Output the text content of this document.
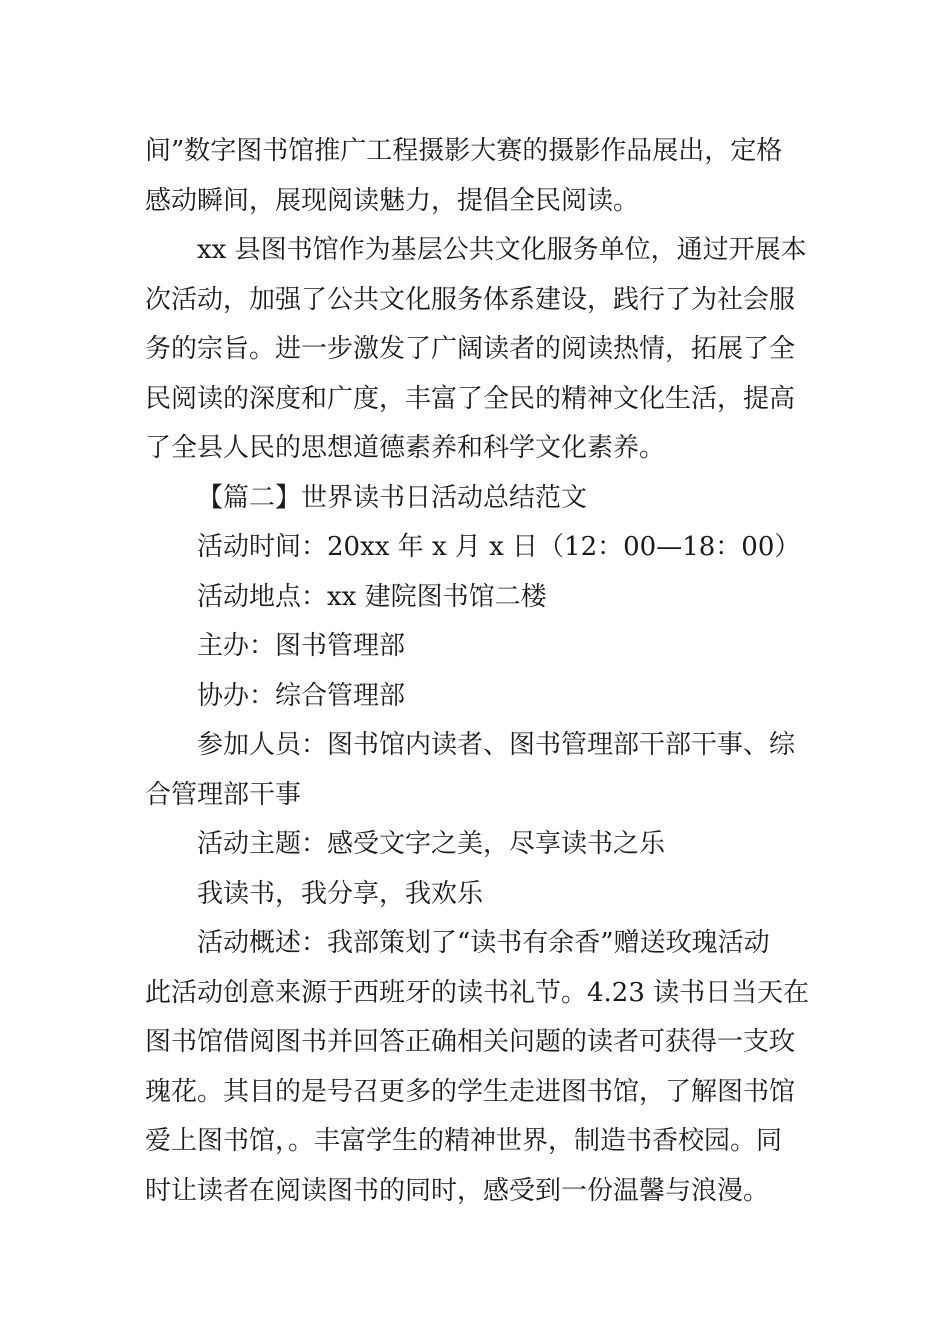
间”数字图书馆推广工程摄影大赛的摄影作品展出，定格
感动瞬间，展现阅读魅力，提倡全民阅读。
xx 县图书馆作为基层公共文化服务单位，通过开展本
次活动，加强了公共文化服务体系建设，践行了为社会服
务的宗旨。进一步激发了广阔读者的阅读热情，拓展了全
民阅读的深度和广度，丰富了全民的精神文化生活，提高
了全县人民的思想道德素养和科学文化素养。
【篇二】世界读书日活动总结范文
活动时间：20xx 年 x 月 x 日（12：00—18：00）
活动地点：xx 建院图书馆二楼
主办：图书管理部
协办：综合管理部
参加人员：图书馆内读者、图书管理部干部干事、综
合管理部干事
活动主题：感受文字之美，尽享读书之乐
我读书，我分享，我欢乐
活动概述：我部策划了“读书有余香”赠送玫瑰活动
此活动创意来源于西班牙的读书礼节。4.23 读书日当天在
图书馆借阅图书并回答正确相关问题的读者可获得一支玫
瑰花。其目的是号召更多的学生走进图书馆，了解图书馆
爱上图书馆，。丰富学生的精神世界，制造书香校园。同
时让读者在阅读图书的同时，感受到一份温馨与浪漫。
